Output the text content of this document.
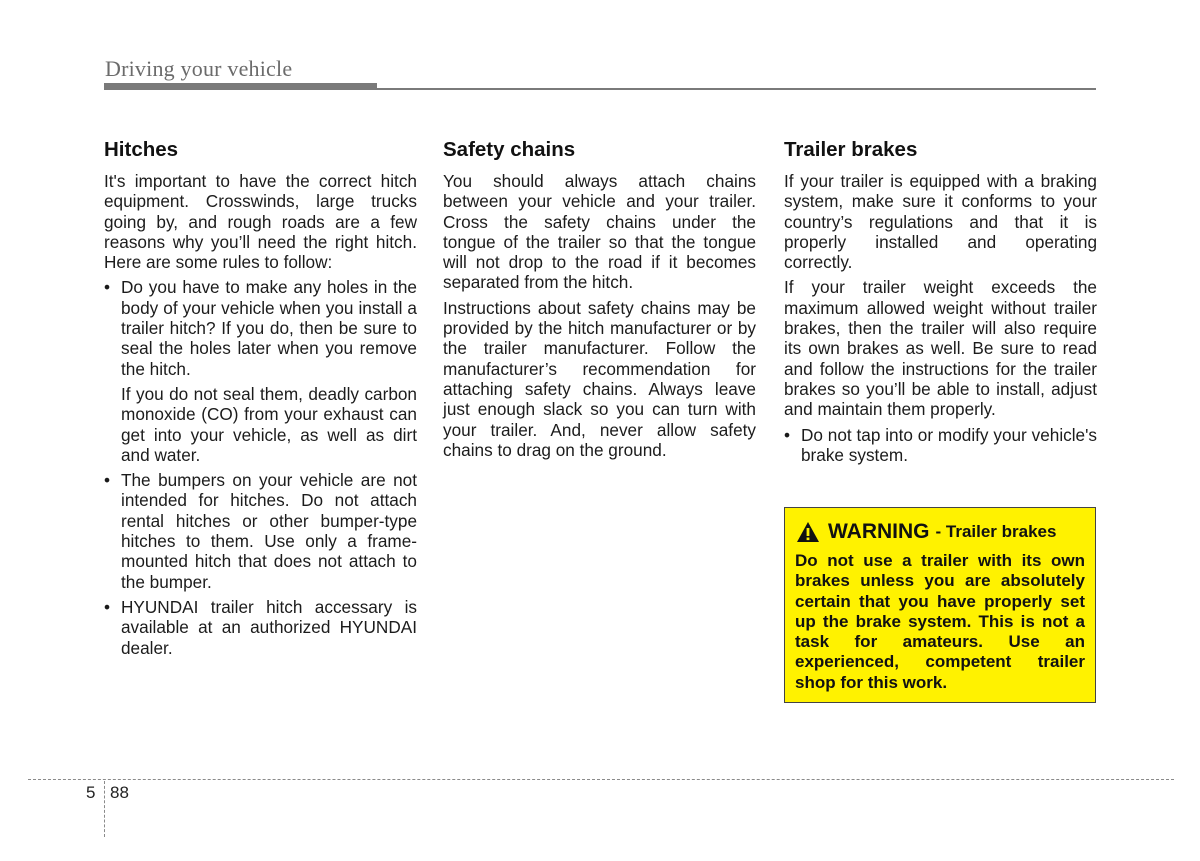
Driving your vehicle
Hitches

It's important to have the correct hitch equipment. Crosswinds, large trucks going by, and rough roads are a few reasons why you’ll need the right hitch. Here are some rules to follow:

• Do you have to make any holes in the body of your vehicle when you install a trailer hitch? If you do, then be sure to seal the holes later when you remove the hitch.

If you do not seal them, deadly carbon monoxide (CO) from your exhaust can get into your vehicle, as well as dirt and water.

• The bumpers on your vehicle are not intended for hitches. Do not attach rental hitches or other bumper-type hitches to them. Use only a frame-mounted hitch that does not attach to the bumper.

• HYUNDAI trailer hitch accessary is available at an authorized HYUNDAI dealer.

Safety chains

You should always attach chains between your vehicle and your trailer. Cross the safety chains under the tongue of the trailer so that the tongue will not drop to the road if it becomes separated from the hitch.

Instructions about safety chains may be provided by the hitch manufacturer or by the trailer manufacturer. Follow the manufacturer’s recommendation for attaching safety chains. Always leave just enough slack so you can turn with your trailer. And, never allow safety chains to drag on the ground.

Trailer brakes

If your trailer is equipped with a braking system, make sure it conforms to your country’s regulations and that it is properly installed and operating correctly.

If your trailer weight exceeds the maximum allowed weight without trailer brakes, then the trailer will also require its own brakes as well. Be sure to read and follow the instructions for the trailer brakes so you’ll be able to install, adjust and maintain them properly.

• Do not tap into or modify your vehicle's brake system.

WARNING - Trailer brakes

Do not use a trailer with its own brakes unless you are absolutely certain that you have properly set up the brake system. This is not a task for amateurs. Use an experienced, competent trailer shop for this work.

5 88
